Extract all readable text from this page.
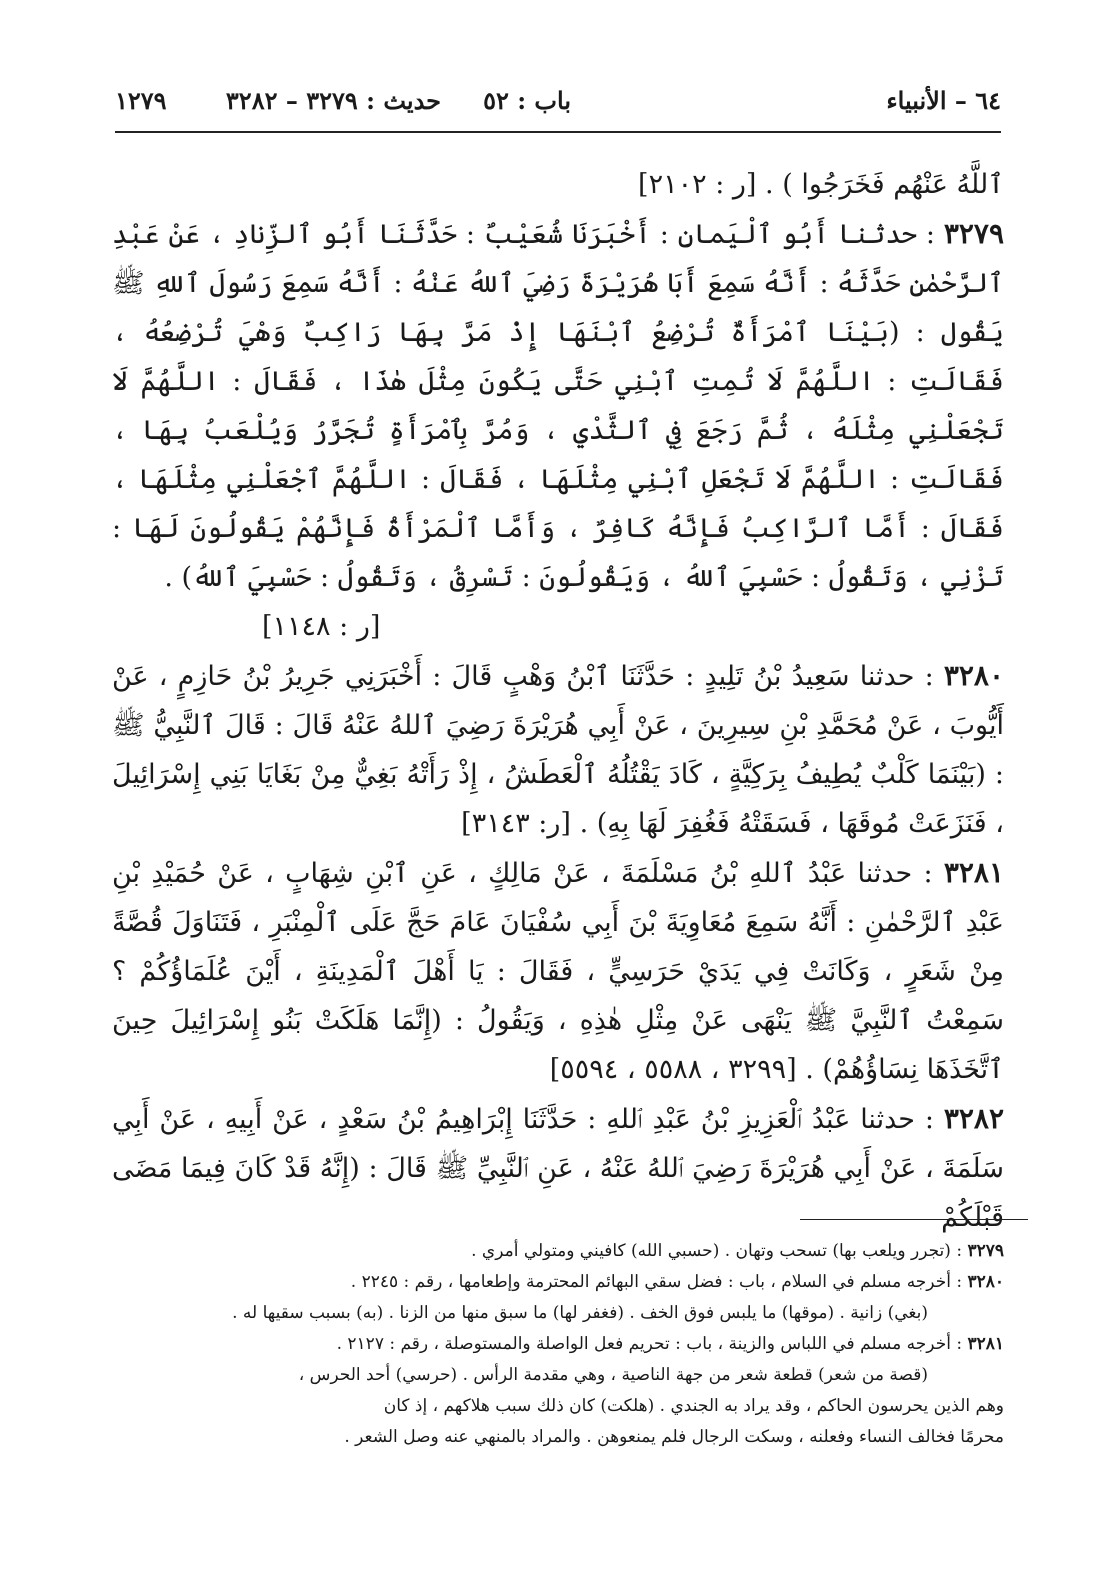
٦٤ – الأنبياء
باب : ٥٢
حديث : ٣٢٧٩ – ٣٢٨٢
١٢٧٩

ٱللَّهُ عَنْهُم فَخَرَجُوا ) . [ر : ٢١٠٢]

٣٢٧٩ : حدثنا أَبُو ٱلْيَمانِ : أَخْبَرَنَا شُعَيْبٌ : حَدَّثَنَا أَبُو ٱلزِّنادِ ، عَنْ عَبْدِ ٱلرَّحْمٰنِ حَدَّثَهُ : أَنَّهُ سَمِعَ أَبَا هُرَيْرَةَ رَضِيَ ٱللهُ عَنْهُ : أَنَّهُ سَمِعَ رَسُولَ ٱللهِ ﷺ يَقُول : (بَيْنَا ٱمْرَأَةٌ تُرْضِعُ ٱبْنَهَا إِذْ مَرَّ بِهَا رَاكِبٌ وَهْيَ تُرْضِعُهُ ، فَقَالَتِ : اللَّهُمَّ لَا تُمِتِ ٱبْنِي حَتَّى يَكُونَ مِثْلَ هٰذَا ، فَقَالَ : اللَّهُمَّ لَا تَجْعَلْنِي مِثْلَهُ ، ثُمَّ رَجَعَ فِي ٱلثَّدْيِ ، وَمُرَّ بِٱمْرَأَةٍ تُجَرَّرُ وَيُلْعَبُ بِهَا ، فَقَالَتِ : اللَّهُمَّ لَا تَجْعَلِ ٱبْنِي مِثْلَهَا ، فَقَالَ : اللَّهُمَّ ٱجْعَلْنِي مِثْلَهَا ، فَقَالَ : أَمَّا ٱلرَّاكِبُ فَإِنَّهُ كَافِرٌ ، وَأَمَّا ٱلْمَرْأَةُ فَإِنَّهُمْ يَقُولُونَ لَهَا : تَزْنِي ، وَتَقُولُ : حَسْبِيَ ٱللهُ ، وَيَقُولُونَ : تَسْرِقُ ، وَتَقُولُ : حَسْبِيَ ٱللهُ) .

[ر : ١١٤٨]

٣٢٨٠ : حدثنا سَعِيدُ بْنُ تَلِيدٍ : حَدَّثَنَا ٱبْنُ وَهْبٍ قَالَ : أَخْبَرَنِي جَرِيرُ بْنُ حَازِمٍ ، عَنْ أَيُّوبَ ، عَنْ مُحَمَّدِ بْنِ سِيرِينَ ، عَنْ أَبِي هُرَيْرَةَ رَضِيَ ٱللهُ عَنْهُ قَالَ : قَالَ ٱلنَّبِيُّ ﷺ : (بَيْنَمَا كَلْبٌ يُطِيفُ بِرَكِيَّةٍ ، كَادَ يَقْتُلُهُ ٱلْعَطَشُ ، إِذْ رَأَتْهُ بَغِيٌّ مِنْ بَغَايَا بَنِي إِسْرَائِيلَ ، فَنَزَعَتْ مُوقَهَا ، فَسَقَتْهُ فَغُفِرَ لَهَا بِهِ) . [ر: ٣١٤٣]

٣٢٨١ : حدثنا عَبْدُ ٱللهِ بْنُ مَسْلَمَةَ ، عَنْ مَالِكٍ ، عَنِ ٱبْنِ شِهَابٍ ، عَنْ حُمَيْدِ بْنِ عَبْدِ ٱلرَّحْمٰنِ : أَنَّهُ سَمِعَ مُعَاوِيَةَ بْنَ أَبِي سُفْيَانَ عَامَ حَجَّ عَلَى ٱلْمِنْبَرِ ، فَتَنَاوَلَ قُصَّةً مِنْ شَعَرٍ ، وَكَانَتْ فِي يَدَيْ حَرَسِيٍّ ، فَقَالَ : يَا أَهْلَ ٱلْمَدِينَةِ ، أَيْنَ عُلَمَاؤُكُمْ ؟ سَمِعْتُ ٱلنَّبِيَّ ﷺ يَنْهَى عَنْ مِثْلِ هٰذِهِ ، وَيَقُولُ : (إِنَّمَا هَلَكَتْ بَنُو إِسْرَائِيلَ حِينَ ٱتَّخَذَهَا نِسَاؤُهُمْ) . [٣٢٩٩ ، ٥٥٨٨ ، ٥٥٩٤]

٣٢٨٢ : حدثنا عَبْدُ ٱلْعَزِيزِ بْنُ عَبْدِ ٱللهِ : حَدَّثَنَا إِبْرَاهِيمُ بْنُ سَعْدٍ ، عَنْ أَبِيهِ ، عَنْ أَبِي سَلَمَةَ ، عَنْ أَبِي هُرَيْرَةَ رَضِيَ ٱللهُ عَنْهُ ، عَنِ ٱلنَّبِيِّ ﷺ قَالَ : (إِنَّهُ قَدْ كَانَ فِيمَا مَضَى قَبْلَكُمْ

٣٢٧٩ : (تجرر ويلعب بها) تسحب وتهان . (حسبي الله) كافيني ومتولي أمري .

٣٢٨٠ : أخرجه مسلم في السلام ، باب : فضل سقي البهائم المحترمة وإطعامها ، رقم : ٢٢٤٥ .

(بغي) زانية . (موقها) ما يلبس فوق الخف . (فغفر لها) ما سبق منها من الزنا . (به) بسبب سقيها له .

٣٢٨١ : أخرجه مسلم في اللباس والزينة ، باب : تحريم فعل الواصلة والمستوصلة ، رقم : ٢١٢٧ .

(قصة من شعر) قطعة شعر من جهة الناصية ، وهي مقدمة الرأس . (حرسي) أحد الحرس ،

وهم الذين يحرسون الحاكم ، وقد يراد به الجندي . (هلكت) كان ذلك سبب هلاكهم ، إذ كان

محرمًا فخالف النساء وفعلنه ، وسكت الرجال فلم يمنعوهن . والمراد بالمنهي عنه وصل الشعر .
